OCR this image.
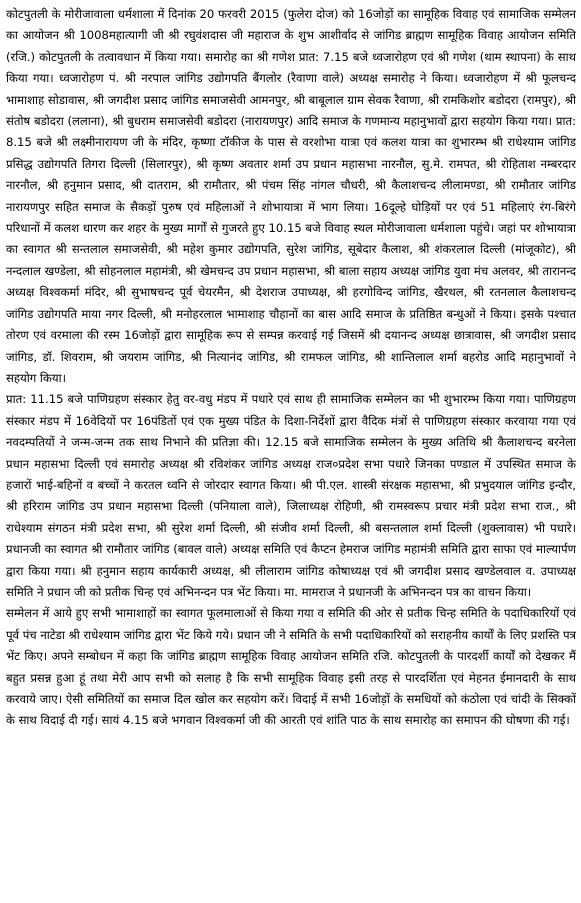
कोटपुतली के मोरीजावाला धर्मशाला में दिनांक 20 फरवरी 2015 (फुलेरा दोज) को 16जोड़ों का सामूहिक विवाह एवं सामाजिक सम्मेलन का आयोजन श्री 1008महात्यागी जी श्री रघुवंशदास जी महाराज के शुभ आशीर्वाद से जांगिड ब्राह्मण सामूहिक विवाह आयोजन समिति (रजि.) कोटपुतली के तत्वावधान में किया गया। समारोह का श्री गणेश प्रात: 7.15 बजे ध्वजारोहण एवं श्री गणेश (थाम स्थापना) के साथ किया गया। ध्वजारोहण पं. श्री नरपाल जांगिड उद्योगपति बैंगलोर (रैवाणा वाले) अध्यक्ष समारोह ने किया। ध्वजारोहण में श्री फूलचन्द भामाशाह सोडावास, श्री जगदीश प्रसाद जांगिड समाजसेवी आमनपुर, श्री बाबूलाल ग्राम सेवक रैवाणा, श्री रामकिशोर बडोदरा (रामपुर), श्री संतोष बडोदरा (ललाना), श्री बुधराम समाजसेवी बडोदरा (नारायणपुर) आदि समाज के गणमान्य महानुभावों द्वारा सहयोग किया गया। प्रात: 8.15 बजे श्री लक्ष्मीनारायण जी के मंदिर, कृष्णा टॉकीज के पास से वरशोभा यात्रा एवं कलश यात्रा का शुभारम्भ श्री राधेश्याम जांगिड प्रसिद्ध उद्योगपति तिगरा दिल्ली (सिलारपुर), श्री कृष्ण अवतार शर्मा उप प्रधान महासभा नारनौल, सु.मे. रामपत, श्री रोहिताश नम्बरदार नारनौल, श्री हनुमान प्रसाद, श्री दातराम, श्री रामौतार, श्री पंचम सिंह नांगल चौधरी, श्री कैलाशचन्द लीलामण्डा, श्री रामौतार जांगिड नारायणपुर सहित समाज के सैकड़ों पुरुष एवं महिलाओं ने शोभायात्रा में भाग लिया। 16दूल्हे घोड़ियों पर एवं 51 महिलाएं रंग-बिरंगे परिधानों में कलश धारण कर शहर के मुख्य मार्गों से गुजरते हुए 10.15 बजे विवाह स्थल मोरीजावाला धर्मशाला पहुंचे। जहां पर शोभायात्रा का स्वागत श्री सन्तलाल समाजसेवी, श्री महेश कुमार उद्योगपति, सुरेश जांगिड, सूबेदार कैलाश, श्री शंकरलाल दिल्ली (मांजूकोट), श्री नन्दलाल खण्डेला, श्री सोहनलाल महामंत्री, श्री खेमचन्द उप प्रधान महासभा, श्री बाला सहाय अध्यक्ष जांगिड युवा मंच अलवर, श्री तारानन्द अध्यक्ष विश्वकर्मा मंदिर, श्री सुभाषचन्द पूर्व चेयरमैन, श्री देशराज उपाध्यक्ष, श्री हरगोविन्द जांगिड, खैरथल, श्री रतनलाल कैलाशचन्द जांगिड उद्योगपति माया नगर दिल्ली, श्री मनोहरलाल भामाशाह चौहानों का बास आदि समाज के प्रतिष्ठित बन्धुओं ने किया। इसके पश्चात तोरण एवं वरमाला की रस्म 16जोड़ों द्वारा सामूहिक रूप से सम्पन्न करवाई गई जिसमें श्री दयानन्द अध्यक्ष छात्रावास, श्री जगदीश प्रसाद जांगिड, डॉ. शिवराम, श्री जयराम जांगिड, श्री नित्यानंद जांगिड, श्री रामफल जांगिड, श्री शान्तिलाल शर्मा बहरोड आदि महानुभावों ने सहयोग किया।

प्रात: 11.15 बजे पाणिग्रहण संस्कार हेतु वर-वधु मंडप में पधारे एवं साथ ही सामाजिक सम्मेलन का भी शुभारम्भ किया गया। पाणिग्रहण संस्कार मंडप में 16वेदियों पर 16पंडितों एवं एक मुख्य पंडित के दिशा-निर्देशों द्वारा वैदिक मंत्रों से पाणिग्रहण संस्कार करवाया गया एवं नवदम्पतियों ने जन्म-जन्म तक साथ निभाने की प्रतिज्ञा की। 12.15 बजे सामाजिक सम्मेलन के मुख्य अतिथि श्री कैलाशचन्द बरनेला प्रधान महासभा दिल्ली एवं समारोह अध्यक्ष श्री रविशंकर जांगिड अध्यक्ष राज०प्रदेश सभा पधारे जिनका पण्डाल में उपस्थित समाज के हजारों भाई-बहिनों व बच्चों ने करतल ध्वनि से जोरदार स्वागत किया। श्री पी.एल. शास्त्री संरक्षक महासभा, श्री प्रभुदयाल जांगिड इन्दौर, श्री हरिराम जांगिड उप प्रधान महासभा दिल्ली (पनियाला वाले), जिलाध्यक्ष रोहिणी, श्री रामस्वरूप प्रचार मंत्री प्रदेश सभा राज., श्री राधेश्याम संगठन मंत्री प्रदेश सभा, श्री सुरेश शर्मा दिल्ली, श्री संजीव शर्मा दिल्ली, श्री बसन्तलाल शर्मा दिल्ली (शुक्लावास) भी पधारे। प्रधानजी का स्वागत श्री रामौतार जांगिड (बावल वाले) अध्यक्ष समिति एवं कैप्टन हेमराज जांगिड महामंत्री समिति द्वारा साफा एवं माल्यार्पण द्वारा किया गया। श्री हनुमान सहाय कार्यकारी अध्यक्ष, श्री लीलाराम जांगिड कोषाध्यक्ष एवं श्री जगदीश प्रसाद खण्डेलवाल व. उपाध्यक्ष समिति ने प्रधान जी को प्रतीक चिन्ह एवं अभिनन्दन पत्र भेंट किया। मा. मामराज ने प्रधानजी के अभिनन्दन पत्र का वाचन किया।

सम्मेलन में आये हुए सभी भामाशाहों का स्वागत फूलमालाओं से किया गया व समिति की ओर से प्रतीक चिन्ह समिति के पदाधिकारियों एवं पूर्व पंच नाटेडा श्री राधेश्याम जांगिड द्वारा भेंट किये गये। प्रधान जी ने समिति के सभी पदाधिकारियों को सराहनीय कार्यों के लिए प्रशस्ति पत्र भेंट किए। अपने सम्बोधन में कहा कि जांगिड ब्राह्मण सामूहिक विवाह आयोजन समिति रजि. कोटपुतली के पारदर्शी कार्यों को देखकर मैं बहुत प्रसन्न हुआ हूं तथा मेरी आप सभी को सलाह है कि सभी सामूहिक विवाह इसी तरह से पारदर्शिता एवं मेहनत ईमानदारी के साथ करवाये जाए। ऐसी समितियों का समाज दिल खोल कर सहयोग करें। विदाई में सभी 16जोड़ों के समधियों को कंठोला एवं चांदी के सिक्कों के साथ विदाई दी गई। सायं 4.15 बजे भगवान विश्वकर्मा जी की आरती एवं शांति पाठ के साथ समारोह का समापन की घोषणा की गई।
